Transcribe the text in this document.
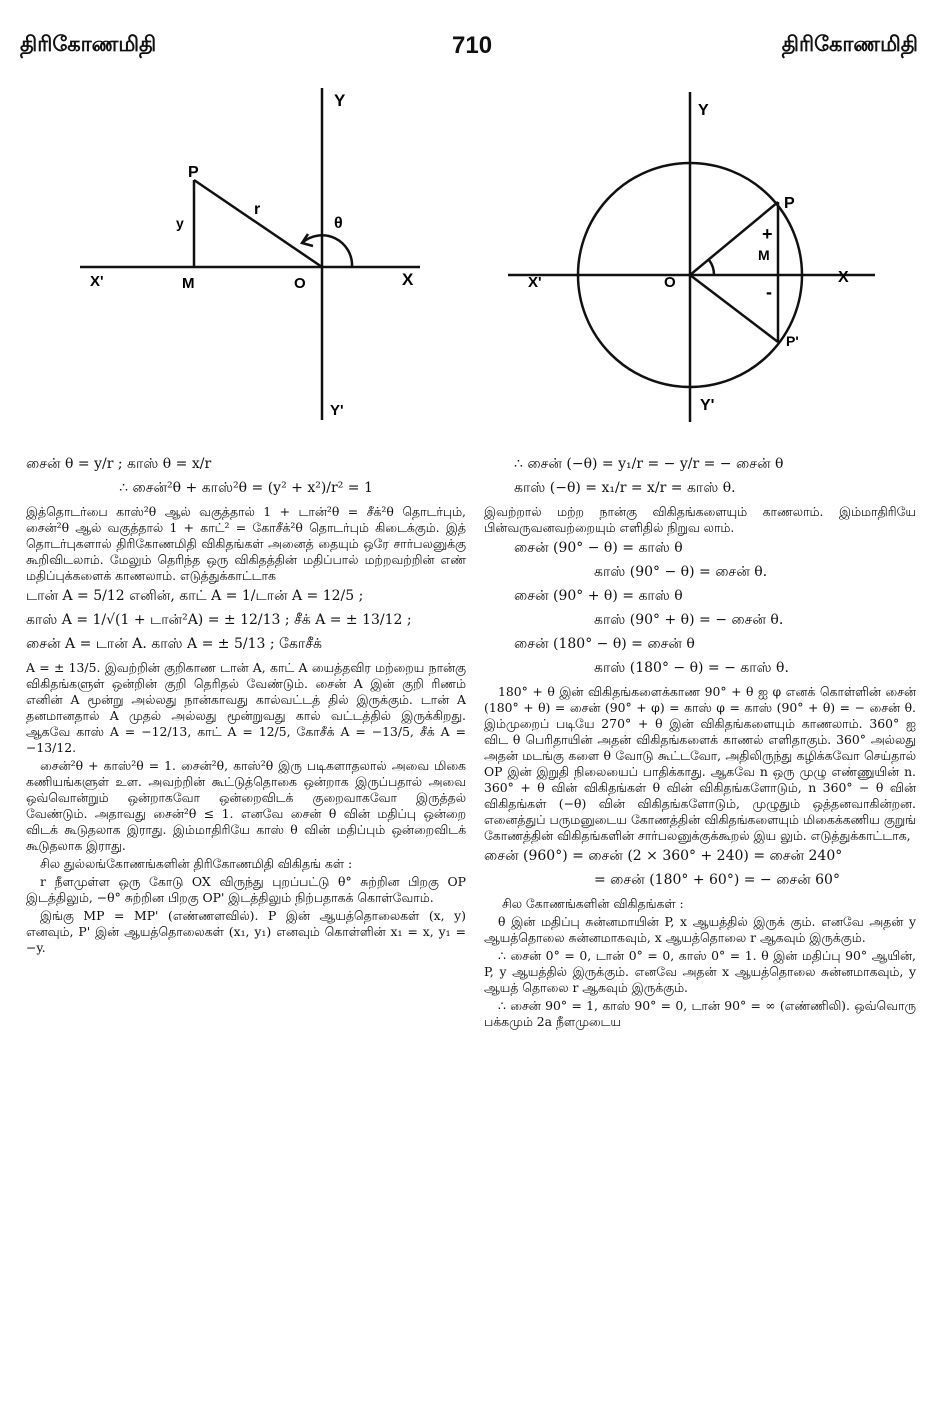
திரிகோணமிதி	710	திரிகோணமிதி
Y
Y'
X
X'
P
M	O
y
r
θ
Y
Y'
X
X'
P
P'
M
O
+
-

சைன் θ = y/r ; காஸ் θ = x/r

∴ சைன்²θ + காஸ்²θ = (y² + x²)/r² = 1

இத்தொடர்பை காஸ்²θ ஆல் வகுத்தால் 1 + டான்²θ = சீக்²θ தொடர்பும், சைன்²θ ஆல் வகுத்தால் 1 + காட்² = கோசீக்²θ தொடர்பும் கிடைக்கும். இத் தொடர்புகளால் திரிகோணமிதி விகிதங்கள் அனைத் தையும் ஒரே சார்பலனுக்கு கூறிவிடலாம். மேலும் தெரிந்த ஒரு விகிதத்தின் மதிப்பால் மற்றவற்றின் எண் மதிப்புக்களைக் காணலாம். எடுத்துக்காட்டாக

டான் A = 5/12 எனின், காட் A = 1/டான் A = 12/5 ;

காஸ் A = 1/√(1 + டான்²A) = ± 12/13 ; சீக் A = ± 13/12 ;

சைன் A = டான் A. காஸ் A = ± 5/13 ; கோசீக்

A = ± 13/5. இவற்றின் குறிகாண டான் A, காட் A யைத்தவிர மற்றைய நான்கு விகிதங்களுள் ஒன்றின் குறி தெரிதல் வேண்டும். சைன் A இன் குறி ரிணம் எனின் A மூன்று அல்லது நான்காவது கால்வட்டத் தில் இருக்கும். டான் A தனமானதால் A முதல் அல்லது மூன்றுவது கால் வட்டத்தில் இருக்கிறது. ஆகவே காஸ் A = −12/13, காட் A = 12/5, கோசீக் A = −13/5, சீக் A = −13/12.

சைன்²θ + காஸ்²θ = 1. சைன்²θ, காஸ்²θ இரு படிகளாதலால் அவை மிகை கணியங்களுள் உள. அவற்றின் கூட்டுத்தொகை ஒன்றாக இருப்பதால் அவை ஒவ்வொன்றும் ஒன்றாகவோ ஒன்றைவிடக் குறைவாகவோ இருத்தல் வேண்டும். அதாவது சைன்²θ ≤ 1. எனவே சைன் θ வின் மதிப்பு ஒன்றை விடக் கூடுதலாக இராது. இம்மாதிரியே காஸ் θ வின் மதிப்பும் ஒன்றைவிடக் கூடுதலாக இராது.

சில துல்லங்கோணங்களின் திரிகோணமிதி விகிதங் கள் :

r நீளமுள்ள ஒரு கோடு OX விருந்து புறப்பட்டு θ° சுற்றின பிறகு OP இடத்திலும், −θ° சுற்றின பிறகு OP' இடத்திலும் நிற்பதாகக் கொள்வோம்.

இங்கு MP = MP' (எண்ணளவில்). P இன் ஆயத்தொலைகள் (x, y) எனவும், P' இன் ஆயத்தொலைகள் (x₁, y₁) எனவும் கொள்ளின் x₁ = x, y₁ = −y.

∴ சைன் (−θ) = y₁/r = − y/r = − சைன் θ

காஸ் (−θ) = x₁/r = x/r = காஸ் θ.

இவற்றால் மற்ற நான்கு விகிதங்களையும் காணலாம். இம்மாதிரியே பின்வருவனவற்றையும் எளிதில் நிறுவ லாம்.

சைன் (90° − θ) = காஸ் θ

காஸ் (90° − θ) = சைன் θ.

சைன் (90° + θ) = காஸ் θ

காஸ் (90° + θ) = − சைன் θ.

சைன் (180° − θ) = சைன் θ

காஸ் (180° − θ) = − காஸ் θ.

180° + θ இன் விகிதங்களைக்காண 90° + θ ஐ φ எனக் கொள்ளின் சைன் (180° + θ) = சைன் (90° + φ) = காஸ் φ = காஸ் (90° + θ) = − சைன் θ. இம்முறைப் படியே 270° + θ இன் விகிதங்களையும் காணலாம். 360° ஐ விட θ பெரிதாயின் அதன் விகிதங்களைக் காணல் எளிதாகும். 360° அல்லது அதன் மடங்கு களை θ வோடு கூட்டவோ, அதிலிருந்து கழிக்கவோ செய்தால் OP இன் இறுதி நிலையைப் பாதிக்காது. ஆகவே n ஒரு முழு எண்ணுயின் n. 360° + θ வின் விகிதங்கள் θ வின் விகிதங்களோடும், n 360° − θ வின் விகிதங்கள் (−θ) வின் விகிதங்களோடும், முழுதும் ஒத்தனவாகின்றன. எனைத்துப் பருமனுடைய கோணத்தின் விகிதங்களையும் மிகைக்கணிய குறுங் கோணத்தின் விகிதங்களின் சார்பலனுக்குக்கூறல் இய லும். எடுத்துக்காட்டாக,

சைன் (960°) = சைன் (2 × 360° + 240) = சைன் 240°

= சைன் (180° + 60°) = − சைன் 60°

சில கோணங்களின் விகிதங்கள் :

θ இன் மதிப்பு சுன்னமாயின் P, x ஆயத்தில் இருக் கும். எனவே அதன் y ஆயத்தொலை சுன்னமாகவும், x ஆயத்தொலை r ஆகவும் இருக்கும்.

∴ சைன் 0° = 0, டான் 0° = 0, காஸ் 0° = 1. θ இன் மதிப்பு 90° ஆயின், P, y ஆயத்தில் இருக்கும். எனவே அதன் x ஆயத்தொலை சுன்னமாகவும், y ஆயத் தொலை r ஆகவும் இருக்கும்.

∴ சைன் 90° = 1, காஸ் 90° = 0, டான் 90° = ∞ (எண்ணிலி). ஒவ்வொரு பக்கமும் 2a நீளமுடைய
